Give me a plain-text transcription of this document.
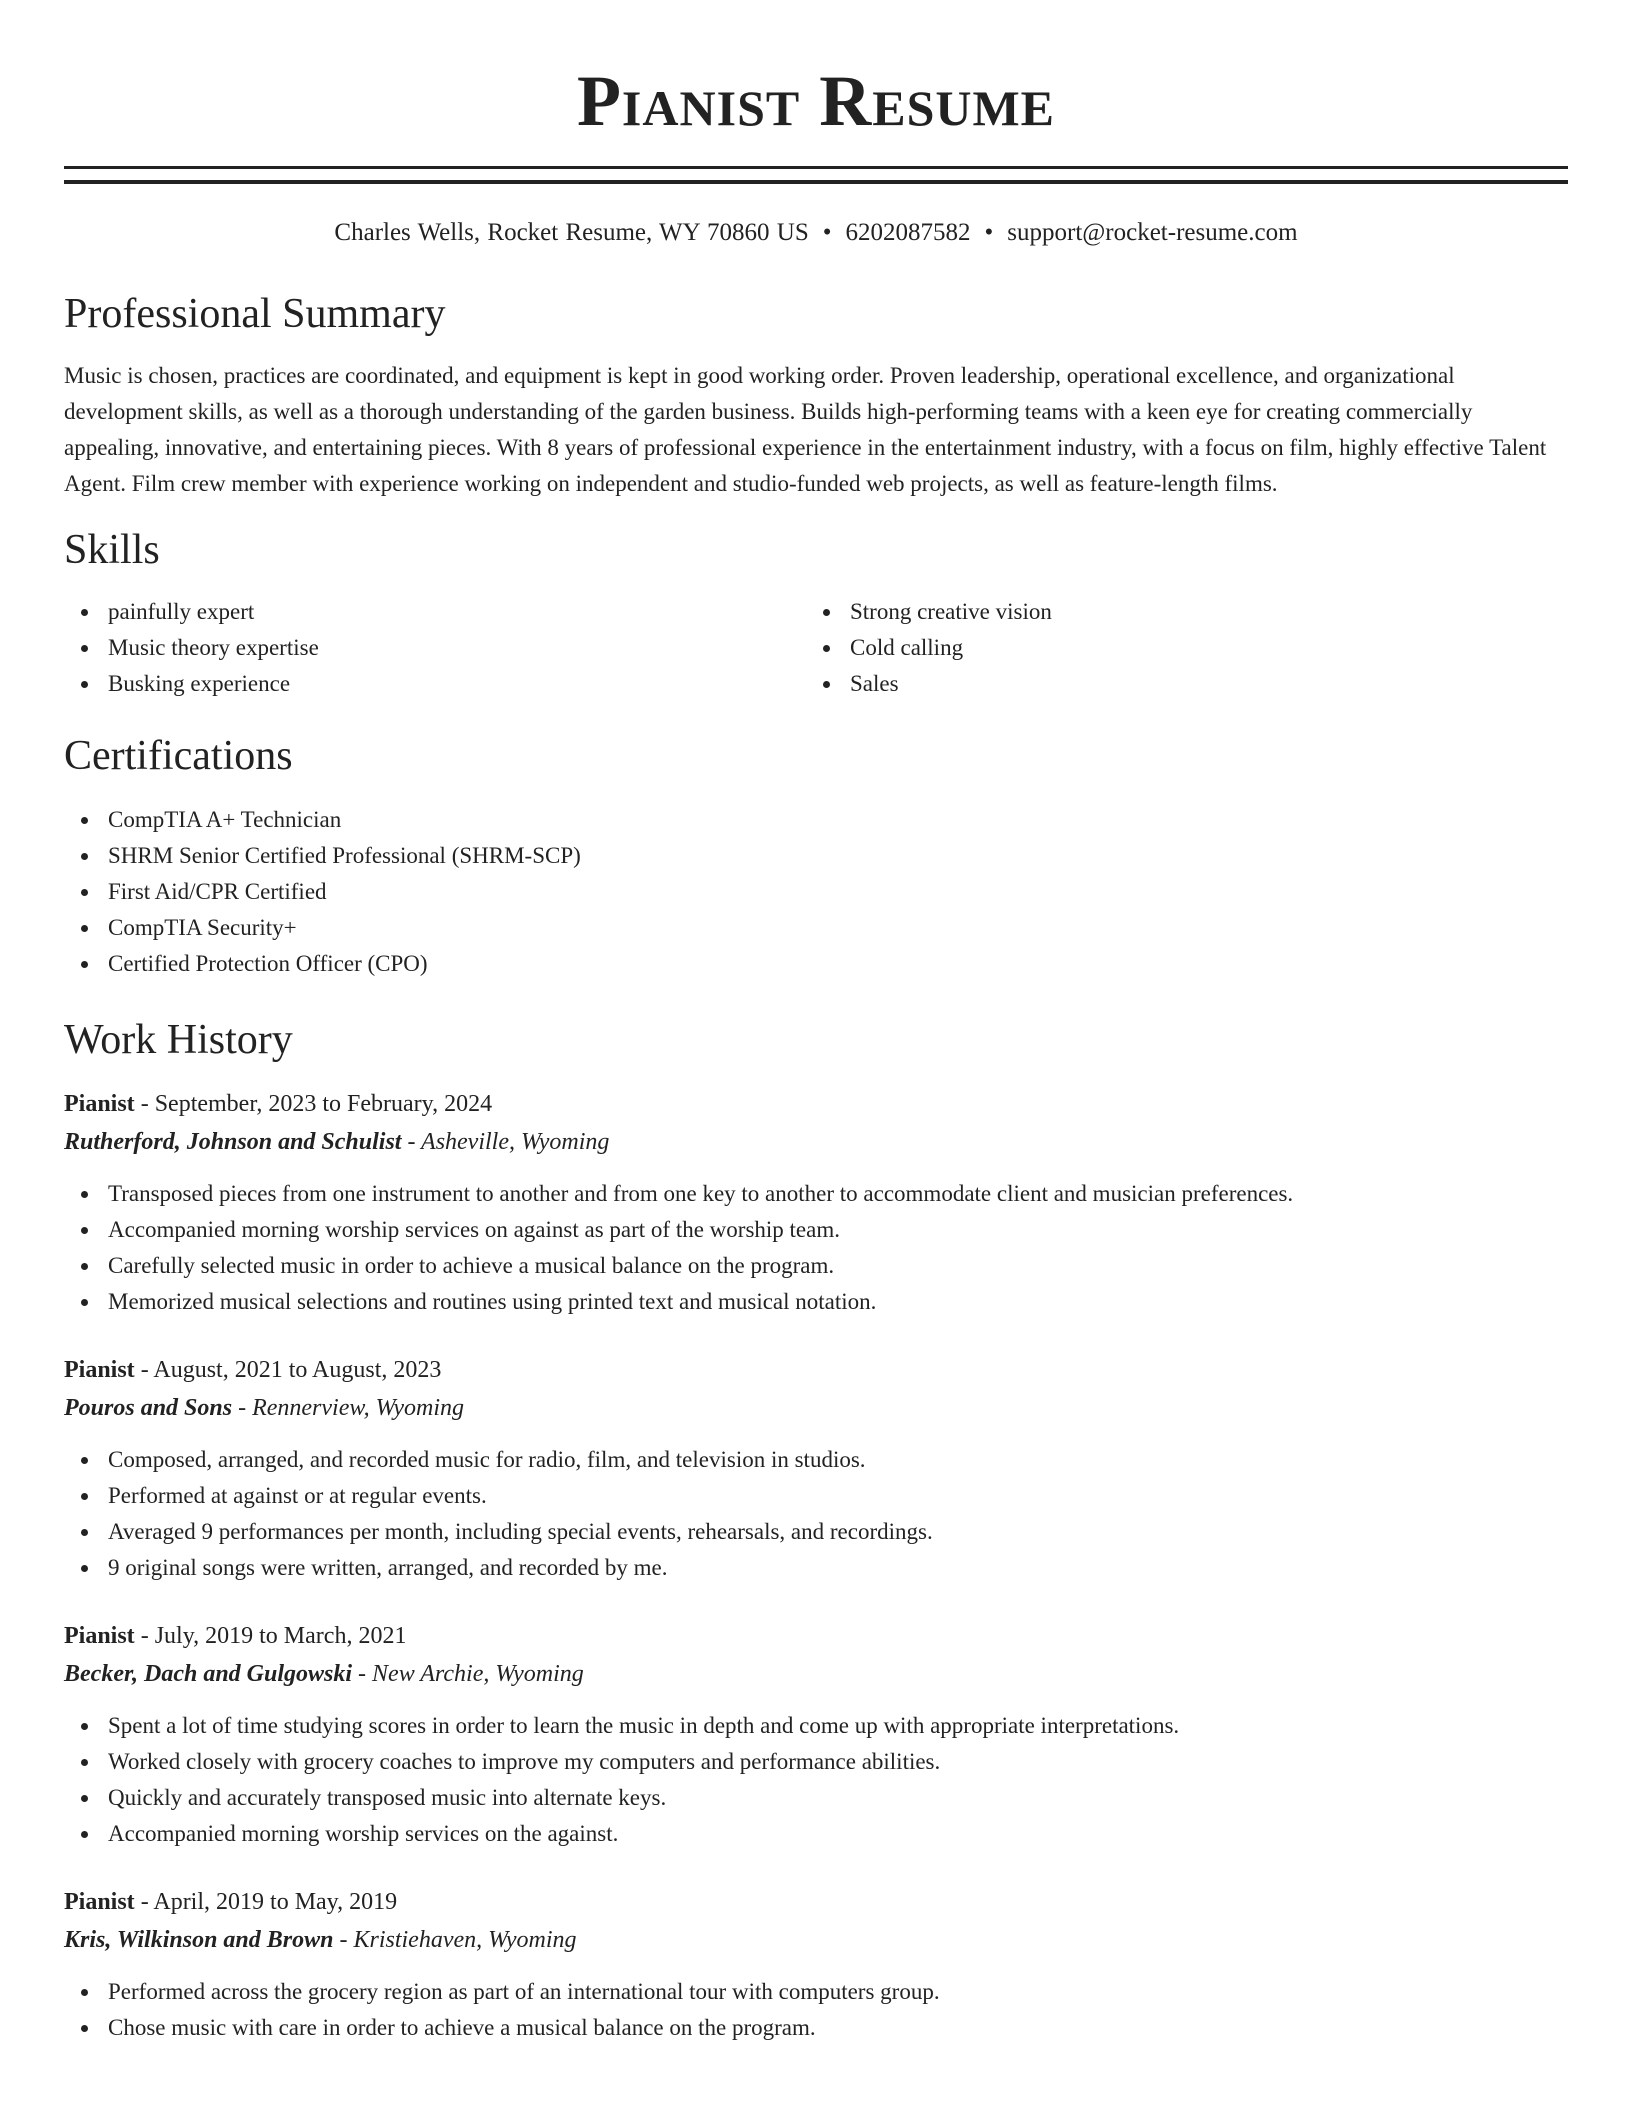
Pianist Resume
Charles Wells, Rocket Resume, WY 70860 US • 6202087582 • support@rocket-resume.com
Professional Summary

Music is chosen, practices are coordinated, and equipment is kept in good working order. Proven leadership, operational excellence, and organizational development skills, as well as a thorough understanding of the garden business. Builds high-performing teams with a keen eye for creating commercially appealing, innovative, and entertaining pieces. With 8 years of professional experience in the entertainment industry, with a focus on film, highly effective Talent Agent. Film crew member with experience working on independent and studio-funded web projects, as well as feature-length films.

Skills
painfully expert
Music theory expertise
Busking experience
Strong creative vision
Cold calling
Sales
Certifications
CompTIA A+ Technician
SHRM Senior Certified Professional (SHRM-SCP)
First Aid/CPR Certified
CompTIA Security+
Certified Protection Officer (CPO)
Work History
Pianist - September, 2023 to February, 2024
Rutherford, Johnson and Schulist - Asheville, Wyoming
Transposed pieces from one instrument to another and from one key to another to accommodate client and musician preferences.
Accompanied morning worship services on against as part of the worship team.
Carefully selected music in order to achieve a musical balance on the program.
Memorized musical selections and routines using printed text and musical notation.
Pianist - August, 2021 to August, 2023
Pouros and Sons - Rennerview, Wyoming
Composed, arranged, and recorded music for radio, film, and television in studios.
Performed at against or at regular events.
Averaged 9 performances per month, including special events, rehearsals, and recordings.
9 original songs were written, arranged, and recorded by me.
Pianist - July, 2019 to March, 2021
Becker, Dach and Gulgowski - New Archie, Wyoming
Spent a lot of time studying scores in order to learn the music in depth and come up with appropriate interpretations.
Worked closely with grocery coaches to improve my computers and performance abilities.
Quickly and accurately transposed music into alternate keys.
Accompanied morning worship services on the against.
Pianist - April, 2019 to May, 2019
Kris, Wilkinson and Brown - Kristiehaven, Wyoming
Performed across the grocery region as part of an international tour with computers group.
Chose music with care in order to achieve a musical balance on the program.
